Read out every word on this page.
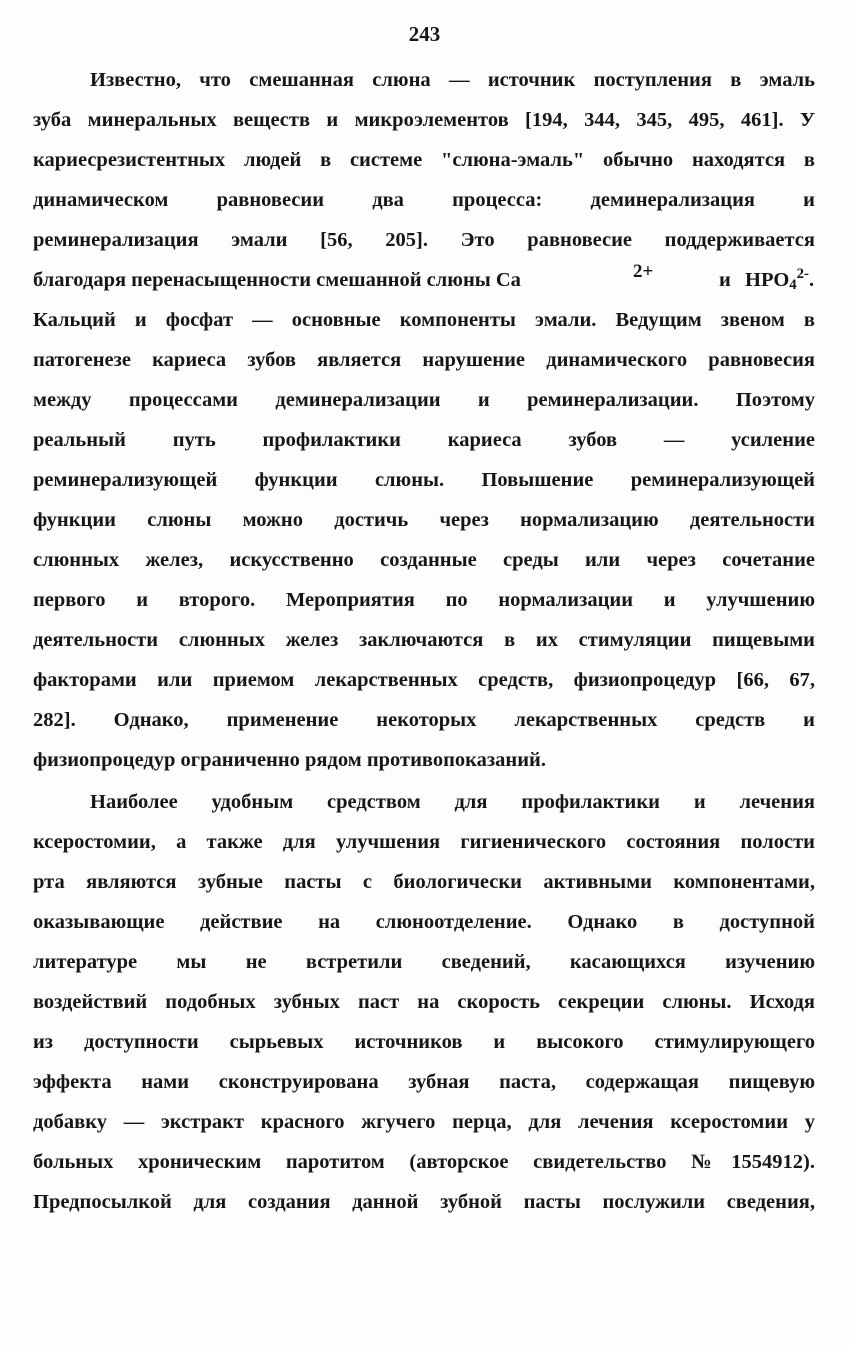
243
Известно, что смешанная слюна — источник поступления в эмаль
зуба минеральных веществ и микроэлементов [194, 344, 345, 495, 461]. У
кариесрезистентных людей в системе "слюна-эмаль" обычно находятся в
динамическом равновесии два процесса: деминерализация и
реминерализация эмали [56, 205]. Это равновесие поддерживается
благодаря перенасыщенности смешанной слюны Са	2+	и $НРО_4^{2-}$.
Кальций и фосфат — основные компоненты эмали. Ведущим звеном в
патогенезе кариеса зубов является нарушение динамического равновесия
между процессами деминерализации и реминерализации. Поэтому
реальный путь профилактики кариеса зубов — усиление
реминерализующей функции слюны. Повышение реминерализующей
функции слюны можно достичь через нормализацию деятельности
слюнных желез, искусственно созданные среды или через сочетание
первого и второго. Мероприятия по нормализации и улучшению
деятельности слюнных желез заключаются в их стимуляции пищевыми
факторами или приемом лекарственных средств, физиопроцедур [66, 67,
282]. Однако, применение некоторых лекарственных средств и
физиопроцедур ограниченно рядом противопоказаний.
Наиболее удобным средством для профилактики и лечения
ксеростомии, а также для улучшения гигиенического состояния полости
рта являются зубные пасты с биологически активными компонентами,
оказывающие действие на слюноотделение. Однако в доступной
литературе мы не встретили сведений, касающихся изучению
воздействий подобных зубных паст на скорость секреции слюны. Исходя
из доступности сырьевых источников и высокого стимулирующего
эффекта нами сконструирована зубная паста, содержащая пищевую
добавку — экстракт красного жгучего перца, для лечения ксеростомии у
больных хроническим паротитом (авторское свидетельство №1554912).
Предпосылкой для создания данной зубной пасты послужили сведения,
